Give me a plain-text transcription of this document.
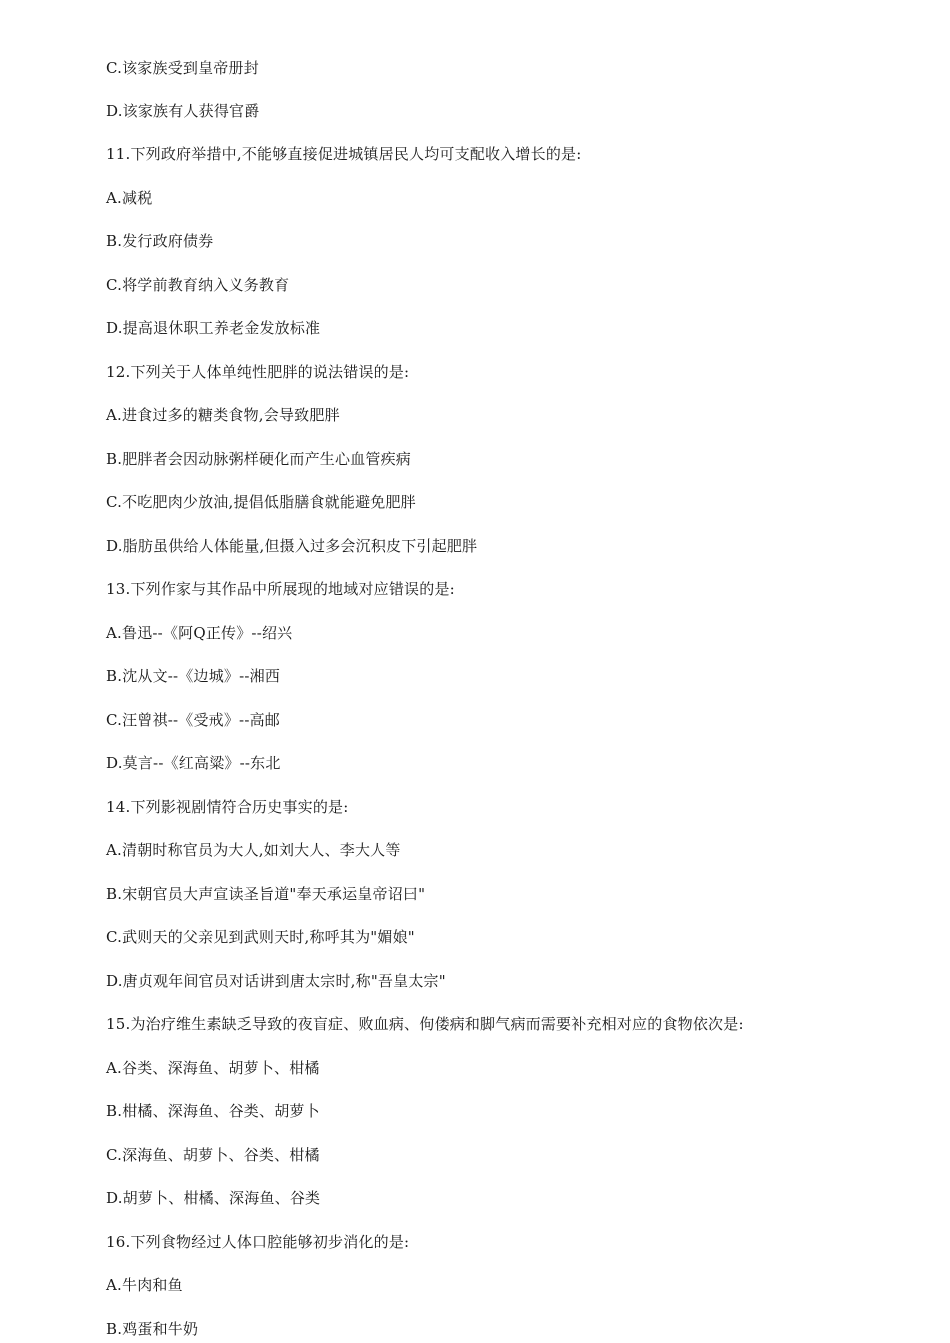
C.该家族受到皇帝册封
D.该家族有人获得官爵
11.下列政府举措中,不能够直接促进城镇居民人均可支配收入增长的是:
A.减税
B.发行政府债券
C.将学前教育纳入义务教育
D.提高退休职工养老金发放标准
12.下列关于人体单纯性肥胖的说法错误的是:
A.进食过多的糖类食物,会导致肥胖
B.肥胖者会因动脉粥样硬化而产生心血管疾病
C.不吃肥肉少放油,提倡低脂膳食就能避免肥胖
D.脂肪虽供给人体能量,但摄入过多会沉积皮下引起肥胖
13.下列作家与其作品中所展现的地域对应错误的是:
A.鲁迅--《阿Q正传》--绍兴
B.沈从文--《边城》--湘西
C.汪曾祺--《受戒》--高邮
D.莫言--《红高粱》--东北
14.下列影视剧情符合历史事实的是:
A.清朝时称官员为大人,如刘大人、李大人等
B.宋朝官员大声宣读圣旨道"奉天承运皇帝诏曰"
C.武则天的父亲见到武则天时,称呼其为"媚娘"
D.唐贞观年间官员对话讲到唐太宗时,称"吾皇太宗"
15.为治疗维生素缺乏导致的夜盲症、败血病、佝偻病和脚气病而需要补充相对应的食物依次是:
A.谷类、深海鱼、胡萝卜、柑橘
B.柑橘、深海鱼、谷类、胡萝卜
C.深海鱼、胡萝卜、谷类、柑橘
D.胡萝卜、柑橘、深海鱼、谷类
16.下列食物经过人体口腔能够初步消化的是:
A.牛肉和鱼
B.鸡蛋和牛奶
